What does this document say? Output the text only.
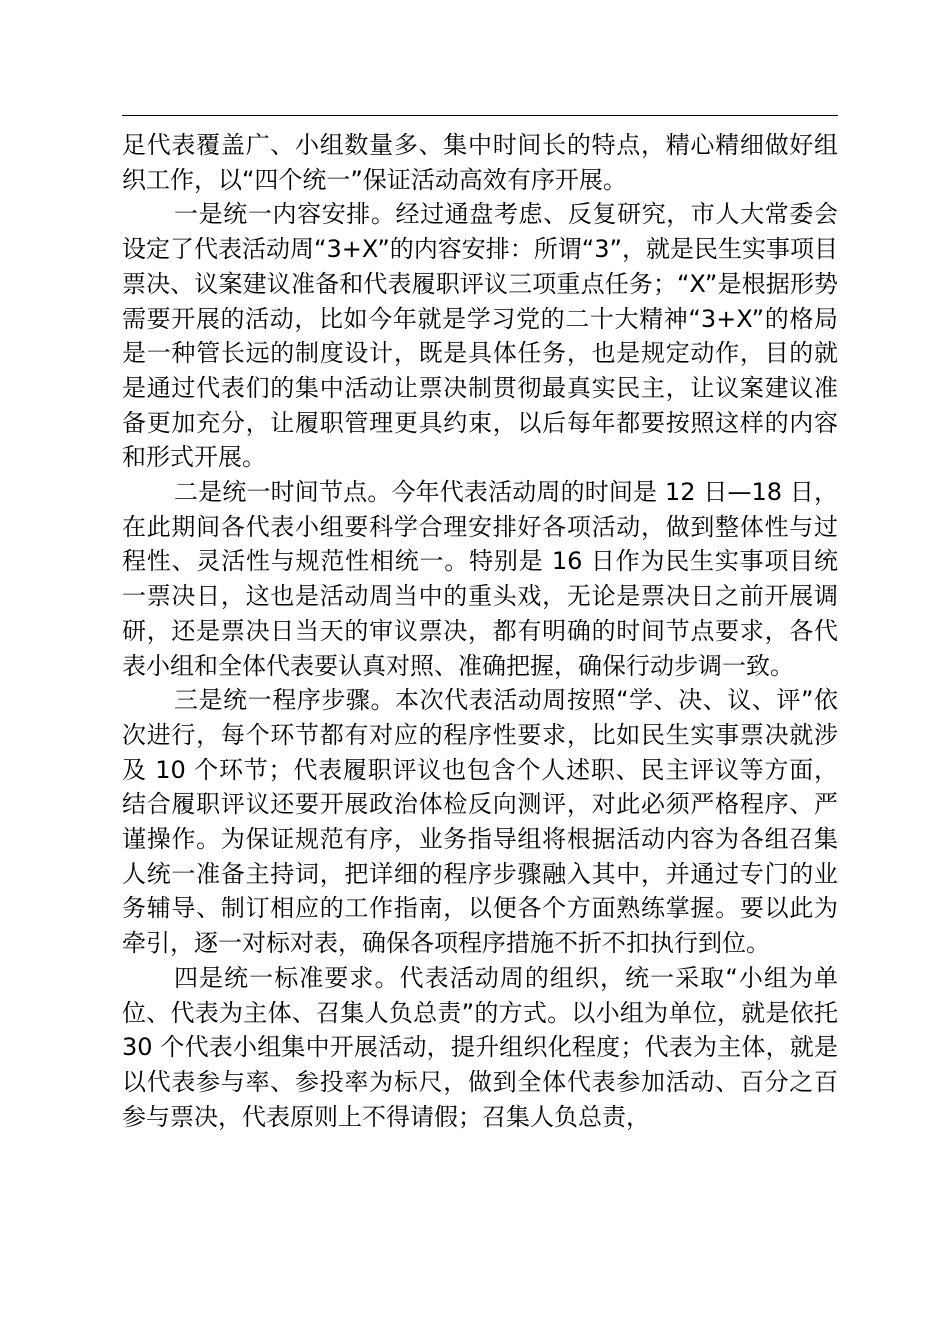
足代表覆盖广、小组数量多、集中时间长的特点，精心精细做好组织工作，以“四个统一”保证活动高效有序开展。

一是统一内容安排。经过通盘考虑、反复研究，市人大常委会设定了代表活动周“3+X”的内容安排：所谓“3”，就是民生实事项目票决、议案建议准备和代表履职评议三项重点任务；“X”是根据形势需要开展的活动，比如今年就是学习党的二十大精神“3+X”的格局是一种管长远的制度设计，既是具体任务，也是规定动作，目的就是通过代表们的集中活动让票决制贯彻最真实民主，让议案建议准备更加充分，让履职管理更具约束，以后每年都要按照这样的内容和形式开展。

二是统一时间节点。今年代表活动周的时间是 12 日—18 日，在此期间各代表小组要科学合理安排好各项活动，做到整体性与过程性、灵活性与规范性相统一。特别是 16 日作为民生实事项目统一票决日，这也是活动周当中的重头戏，无论是票决日之前开展调研，还是票决日当天的审议票决，都有明确的时间节点要求，各代表小组和全体代表要认真对照、准确把握，确保行动步调一致。

三是统一程序步骤。本次代表活动周按照“学、决、议、评”依次进行，每个环节都有对应的程序性要求，比如民生实事票决就涉及 10 个环节；代表履职评议也包含个人述职、民主评议等方面，结合履职评议还要开展政治体检反向测评，对此必须严格程序、严谨操作。为保证规范有序，业务指导组将根据活动内容为各组召集人统一准备主持词，把详细的程序步骤融入其中，并通过专门的业务辅导、制订相应的工作指南，以便各个方面熟练掌握。要以此为牵引，逐一对标对表，确保各项程序措施不折不扣执行到位。

四是统一标准要求。代表活动周的组织，统一采取“小组为单位、代表为主体、召集人负总责”的方式。以小组为单位，就是依托 30 个代表小组集中开展活动，提升组织化程度；代表为主体，就是以代表参与率、参投率为标尺，做到全体代表参加活动、百分之百参与票决，代表原则上不得请假；召集人负总责，
